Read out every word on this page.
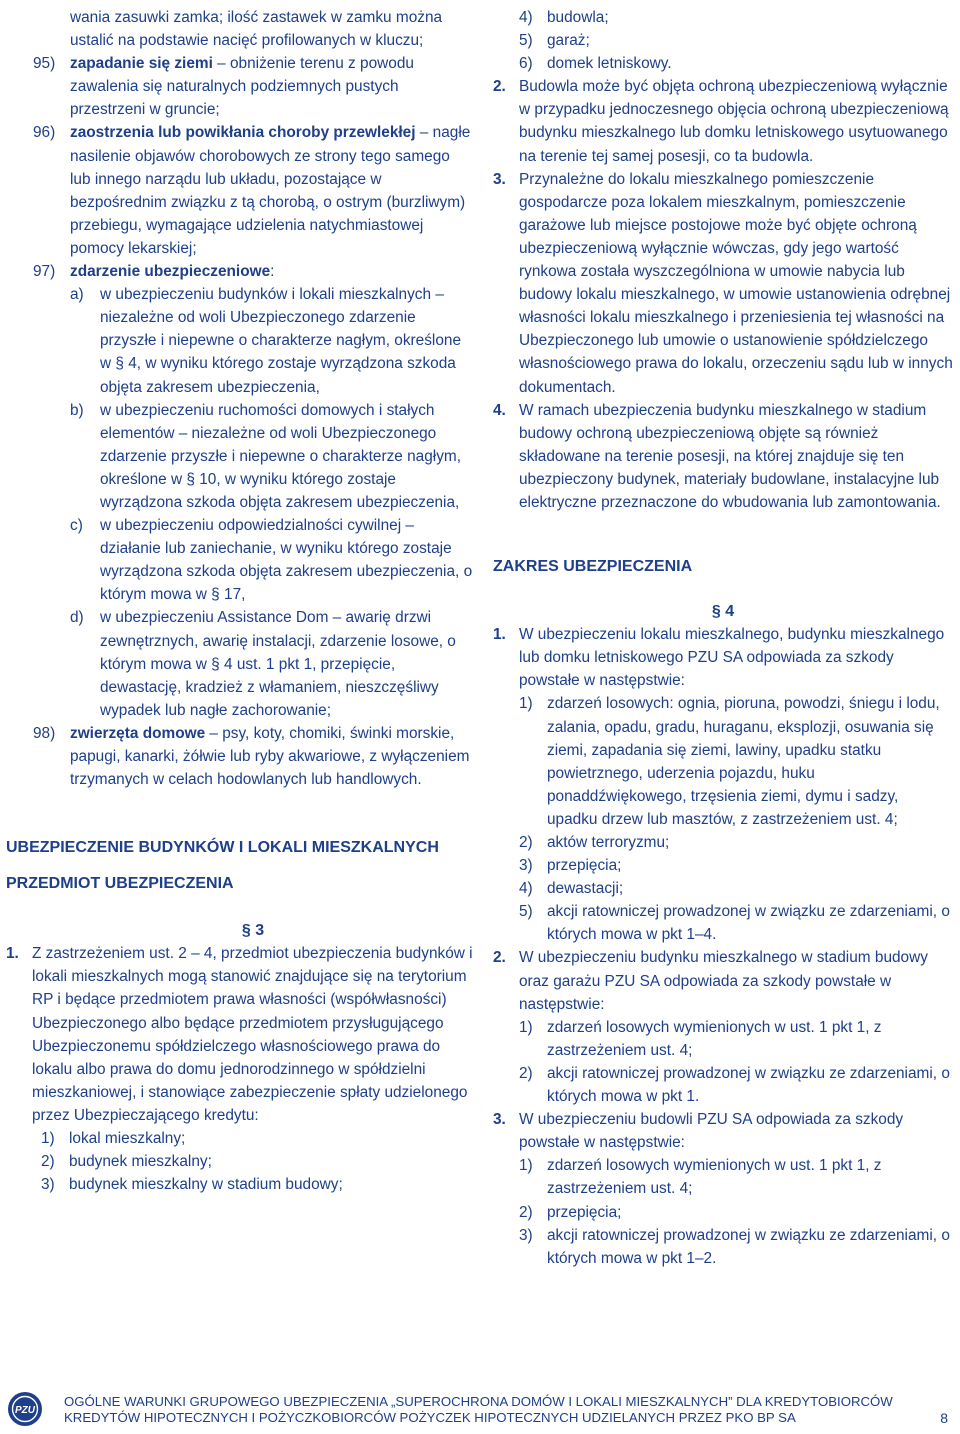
wania zasuwki zamka; ilość zastawek w zamku można ustalić na podstawie nacięć profilowanych w kluczu;

95) zapadanie się ziemi – obniżenie terenu z powodu zawalenia się naturalnych podziemnych pustych przestrzeni w gruncie;
96) zaostrzenia lub powikłania choroby przewlekłej – nagłe nasilenie objawów chorobowych ze strony tego samego lub innego narządu lub układu, pozostające w bezpośrednim związku z tą chorobą, o ostrym (burzliwym) przebiegu, wymagające udzielenia natychmiastowej pomocy lekarskiej;
97) zdarzenie ubezpieczeniowe:
a)	w ubezpieczeniu budynków i lokali mieszkalnych – niezależne od woli Ubezpieczonego zdarzenie przyszłe i niepewne o charakterze nagłym, określone w § 4, w wyniku którego zostaje wyrządzona szkoda objęta zakresem ubezpieczenia,
b)	w ubezpieczeniu ruchomości domowych i stałych elementów – niezależne od woli Ubezpieczonego zdarzenie przyszłe i niepewne o charakterze nagłym, określone w § 10, w wyniku którego zostaje wyrządzona szkoda objęta zakresem ubezpieczenia,
c)	w ubezpieczeniu odpowiedzialności cywilnej – działanie lub zaniechanie, w wyniku którego zostaje wyrządzona szkoda objęta zakresem ubezpieczenia, o którym mowa w § 17,
d)	w ubezpieczeniu Assistance Dom – awarię drzwi zewnętrznych, awarię instalacji, zdarzenie losowe, o którym mowa w § 4 ust. 1 pkt 1, przepięcie, dewastację, kradzież z włamaniem, nieszczęśliwy wypadek lub nagłe zachorowanie;
98) zwierzęta domowe – psy, koty, chomiki, świnki morskie, papugi, kanarki, żółwie lub ryby akwariowe, z wyłączeniem trzymanych w celach hodowlanych lub handlowych.

UBEZPIECZENIE BUDYNKÓW I LOKALI MIESZKALNYCH

PRZEDMIOT UBEZPIECZENIA

§ 3

1. Z zastrzeżeniem ust. 2 – 4, przedmiot ubezpieczenia budynków i lokali mieszkalnych mogą stanowić znajdujące się na terytorium RP i będące przedmiotem prawa własności (współwłasności) Ubezpieczonego albo będące przedmiotem przysługującego Ubezpieczonemu spółdzielczego własnościowego prawa do lokalu albo prawa do domu jednorodzinnego w spółdzielni mieszkaniowej, i stanowiące zabezpieczenie spłaty udzielonego przez Ubezpieczającego kredytu:
1) lokal mieszkalny;
2) budynek mieszkalny;
3) budynek mieszkalny w stadium budowy;
4) budowla;
5) garaż;
6) domek letniskowy.
2. Budowla może być objęta ochroną ubezpieczeniową wyłącznie w przypadku jednoczesnego objęcia ochroną ubezpieczeniową budynku mieszkalnego lub domku letniskowego usytuowanego na terenie tej samej posesji, co ta budowla.
3. Przynależne do lokalu mieszkalnego pomieszczenie gospodarcze poza lokalem mieszkalnym, pomieszczenie garażowe lub miejsce postojowe może być objęte ochroną ubezpieczeniową wyłącznie wówczas, gdy jego wartość rynkowa została wyszczególniona w umowie nabycia lub budowy lokalu mieszkalnego, w umowie ustanowienia odrębnej własności lokalu mieszkalnego i przeniesienia tej własności na Ubezpieczonego lub umowie o ustanowienie spółdzielczego własnościowego prawa do lokalu, orzeczeniu sądu lub w innych dokumentach.
4. W ramach ubezpieczenia budynku mieszkalnego w stadium budowy ochroną ubezpieczeniową objęte są również składowane na terenie posesji, na której znajduje się ten ubezpieczony budynek, materiały budowlane, instalacyjne lub elektryczne przeznaczone do wbudowania lub zamontowania.

ZAKRES UBEZPIECZENIA

§ 4

1. W ubezpieczeniu lokalu mieszkalnego, budynku mieszkalnego lub domku letniskowego PZU SA odpowiada za szkody powstałe w następstwie:
1) zdarzeń losowych: ognia, pioruna, powodzi, śniegu i lodu, zalania, opadu, gradu, huraganu, eksplozji, osuwania się ziemi, zapadania się ziemi, lawiny, upadku statku powietrznego, uderzenia pojazdu, huku ponaddźwiękowego, trzęsienia ziemi, dymu i sadzy, upadku drzew lub masztów, z zastrzeżeniem ust. 4;
2) aktów terroryzmu;
3) przepięcia;
4) dewastacji;
5) akcji ratowniczej prowadzonej w związku ze zdarzeniami, o których mowa w pkt 1–4.
2. W ubezpieczeniu budynku mieszkalnego w stadium budowy oraz garażu PZU SA odpowiada za szkody powstałe w następstwie:
1) zdarzeń losowych wymienionych w ust. 1 pkt 1, z zastrzeżeniem ust. 4;
2) akcji ratowniczej prowadzonej w związku ze zdarzeniami, o których mowa w pkt 1.
3. W ubezpieczeniu budowli PZU SA odpowiada za szkody powstałe w następstwie:
1) zdarzeń losowych wymienionych w ust. 1 pkt 1, z zastrzeżeniem ust. 4;
2) przepięcia;
3) akcji ratowniczej prowadzonej w związku ze zdarzeniami, o których mowa w pkt 1–2.
PZU
OGÓLNE WARUNKI GRUPOWEGO UBEZPIECZENIA „SUPEROCHRONA DOMÓW I LOKALI MIESZKALNYCH” DLA KREDYTOBIORCÓW
KREDYTÓW HIPOTECZNYCH I POŻYCZKOBIORCÓW POŻYCZEK HIPOTECZNYCH UDZIELANYCH PRZEZ PKO BP SA	8
